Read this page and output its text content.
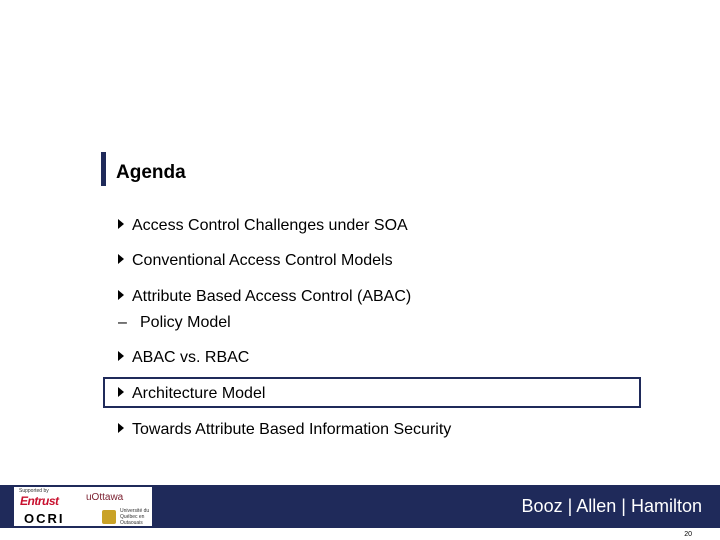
Agenda
Access Control Challenges under SOA
Conventional Access Control Models
Attribute Based Access Control (ABAC)
– Policy Model
ABAC vs. RBAC
Architecture Model
Towards Attribute Based Information Security
Supported by
Entrust
OCRI
uOttawa
Université du Québec en Outaouais
Booz | Allen | Hamilton
20
